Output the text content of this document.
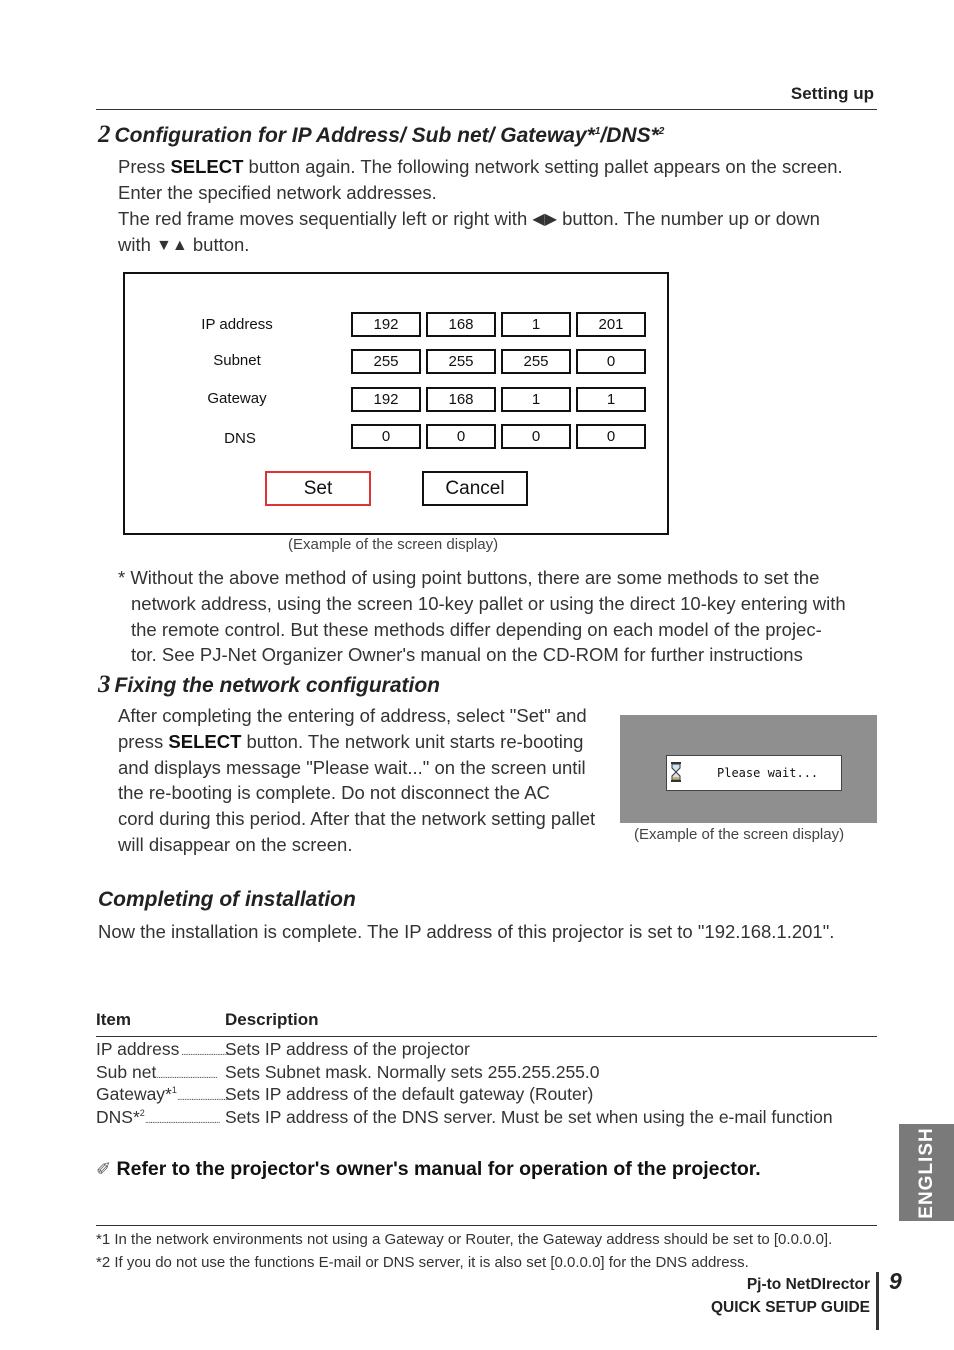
Setting up
2 Configuration for IP Address/ Sub net/ Gateway*$^1$/DNS*$^2$
Press SELECT button again. The following network setting pallet appears on the screen.
Enter the specified network addresses.
The red frame moves sequentially left or right with ◀▶ button. The number up or down
with ▼▲ button.
IP address	192	168	1	201
Subnet	255	255	255	0
Gateway	192	168	1	1
DNS	0	0	0	0
Set	Cancel
(Example of the screen display)
* Without the above method of using point buttons, there are some methods to set the
network address, using the screen 10-key pallet or using the direct 10-key entering with
the remote control. But these methods differ depending on each model of the projec-
tor. See PJ-Net Organizer Owner's manual on the CD-ROM for further instructions
3 Fixing the network configuration
After completing the entering of address, select "Set" and
press SELECT button. The network unit starts re-booting
and displays message "Please wait..." on the screen until
the re-booting is complete. Do not disconnect the AC
cord during this period. After that the network setting pallet
will disappear on the screen.
Please wait...
(Example of the screen display)
Completing of installation
Now the installation is complete. The IP address of this projector is set to "192.168.1.201".
Item	Description
IP address ..............................Sets IP address of the projector
Sub net.................................. Sets Subnet mask. Normally sets 255.255.255.0
Gateway*$^1$..............................Sets IP address of the default gateway (Router)
DNS*$^2$.......................................... Sets IP address of the DNS server. Must be set when using the e-mail function
✐ Refer to the projector's owner's manual for operation of the projector.
*1 In the network environments not using a Gateway or Router, the Gateway address should be set to [0.0.0.0].
*2 If you do not use the functions E-mail or DNS server, it is also set [0.0.0.0] for the DNS address.
ENGLISH
Pj-to NetDIrector
QUICK SETUP GUIDE
9
